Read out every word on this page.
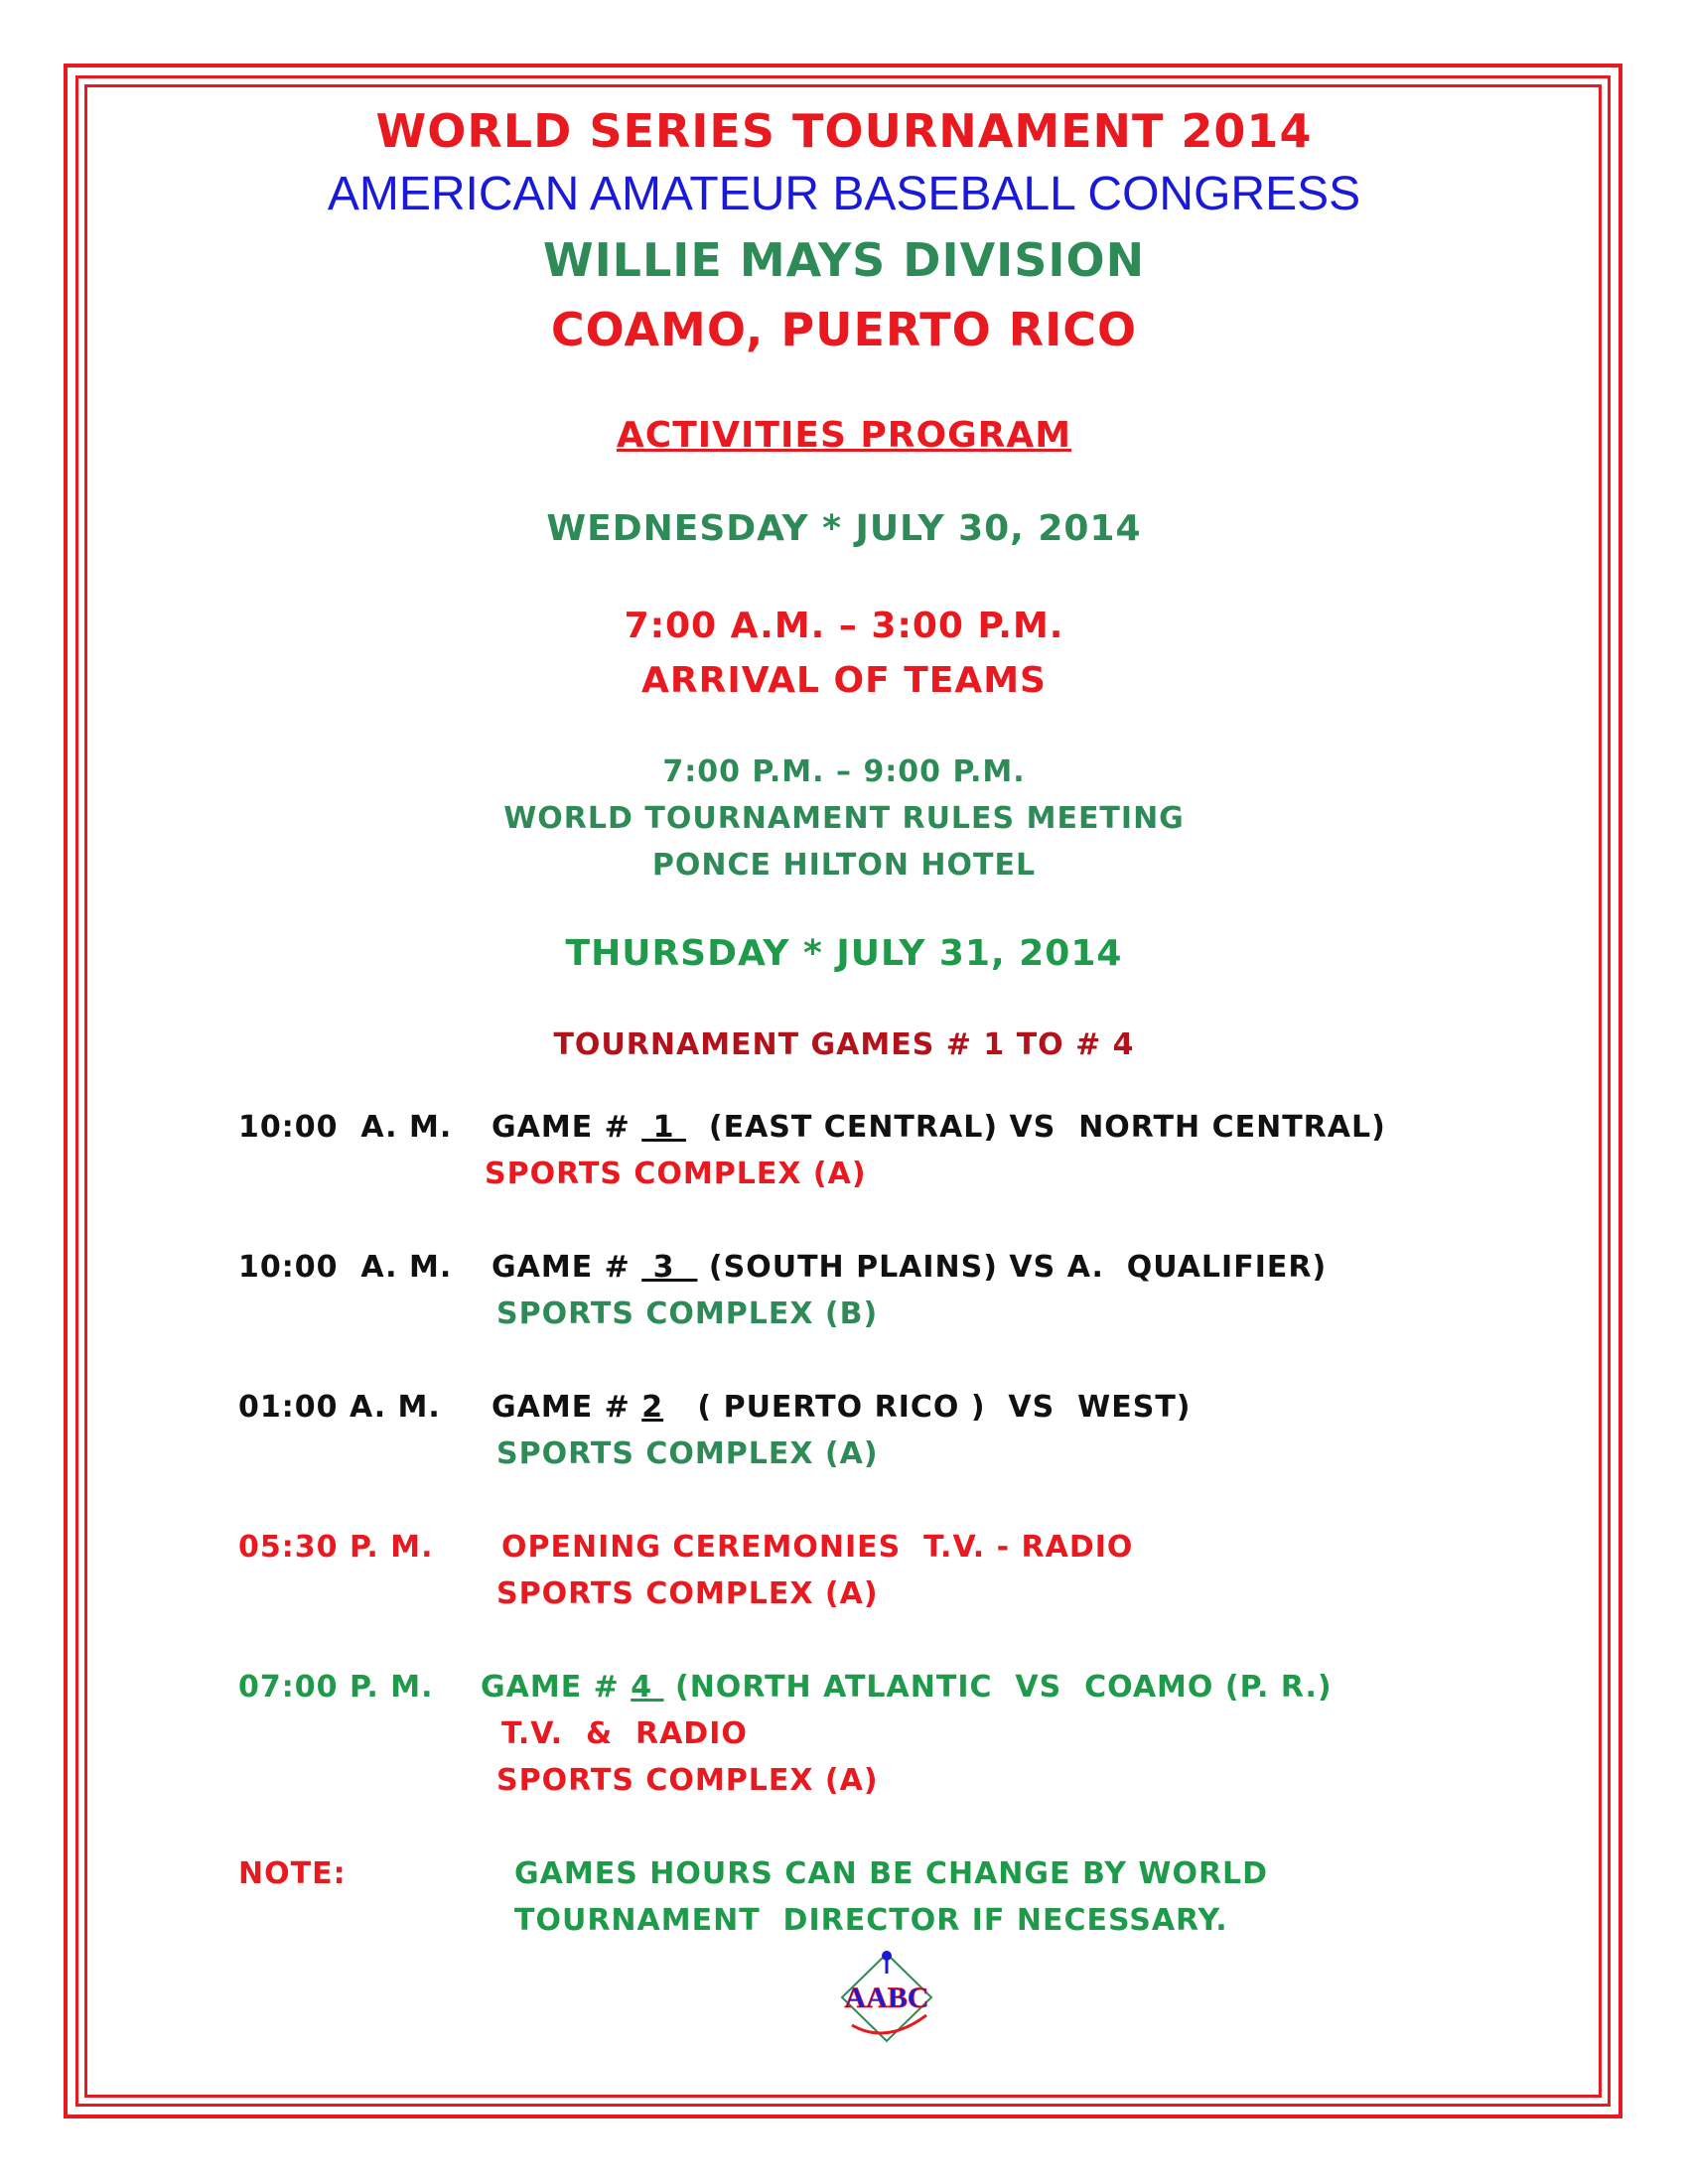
WORLD SERIES TOURNAMENT 2014
AMERICAN AMATEUR BASEBALL CONGRESS
WILLIE MAYS DIVISION
COAMO, PUERTO RICO
ACTIVITIES PROGRAM
WEDNESDAY * JULY 30, 2014
7:00 A.M. – 3:00 P.M.
ARRIVAL OF TEAMS
7:00 P.M. – 9:00 P.M.
WORLD TOURNAMENT RULES MEETING
PONCE HILTON HOTEL
THURSDAY * JULY 31, 2014
TOURNAMENT GAMES # 1 TO # 4
10:00  A. M. GAME #  1   (EAST CENTRAL) VS  NORTH CENTRAL)
SPORTS COMPLEX (A)
10:00  A. M. GAME #  3   (SOUTH PLAINS) VS A.  QUALIFIER)
SPORTS COMPLEX (B)
01:00 A. M. GAME # 2   ( PUERTO RICO )  VS  WEST)
SPORTS COMPLEX (A)
05:30 P. M. OPENING CEREMONIES  T.V. - RADIO
SPORTS COMPLEX (A)
07:00 P. M. GAME # 4  (NORTH ATLANTIC  VS  COAMO (P. R.)
T.V.  &  RADIO
SPORTS COMPLEX (A)
NOTE:	GAMES HOURS CAN BE CHANGE BY WORLD
TOURNAMENT  DIRECTOR IF NECESSARY.
AABC
